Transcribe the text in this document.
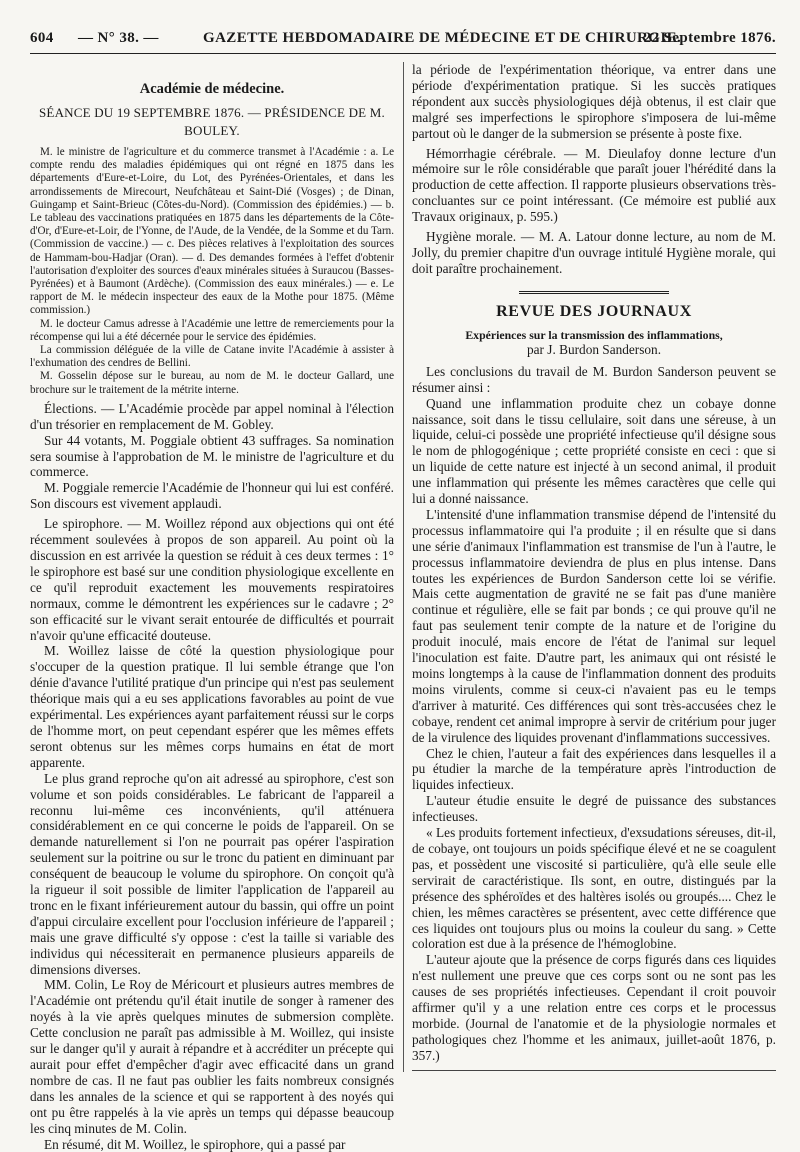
604 — N° 38. —	GAZETTE HEBDOMADAIRE DE MÉDECINE ET DE CHIRURGIE.
22 Septembre 1876.
Académie de médecine.
SÉANCE DU 19 SEPTEMBRE 1876. — PRÉSIDENCE DE M. BOULEY.

M. le ministre de l'agriculture et du commerce transmet à l'Académie : a. Le compte rendu des maladies épidémiques qui ont régné en 1875 dans les départements d'Eure-et-Loire, du Lot, des Pyrénées-Orientales, et dans les arrondissements de Mirecourt, Neufchâteau et Saint-Dié (Vosges) ; de Dinan, Guingamp et Saint-Brieuc (Côtes-du-Nord). (Commission des épidémies.) — b. Le tableau des vaccinations pratiquées en 1875 dans les départements de la Côte-d'Or, d'Eure-et-Loir, de l'Yonne, de l'Aude, de la Vendée, de la Somme et du Tarn. (Commission de vaccine.) — c. Des pièces relatives à l'exploitation des sources de Hammam-bou-Hadjar (Oran). — d. Des demandes formées à l'effet d'obtenir l'autorisation d'exploiter des sources d'eaux minérales situées à Suraucou (Basses-Pyrénées) et à Baumont (Ardèche). (Commission des eaux minérales.) — e. Le rapport de M. le médecin inspecteur des eaux de la Mothe pour 1875. (Même commission.)

M. le docteur Camus adresse à l'Académie une lettre de remerciements pour la récompense qui lui a été décernée pour le service des épidémies.

La commission déléguée de la ville de Catane invite l'Académie à assister à l'exhumation des cendres de Bellini.

M. Gosselin dépose sur le bureau, au nom de M. le docteur Gallard, une brochure sur le traitement de la métrite interne.

Élections. — L'Académie procède par appel nominal à l'élection d'un trésorier en remplacement de M. Gobley.

Sur 44 votants, M. Poggiale obtient 43 suffrages. Sa nomination sera soumise à l'approbation de M. le ministre de l'agriculture et du commerce.

M. Poggiale remercie l'Académie de l'honneur qui lui est conféré. Son discours est vivement applaudi.

Le spirophore. — M. Woillez répond aux objections qui ont été récemment soulevées à propos de son appareil. Au point où la discussion en est arrivée la question se réduit à ces deux termes : 1° le spirophore est basé sur une condition physiologique excellente en ce qu'il reproduit exactement les mouvements respiratoires normaux, comme le démontrent les expériences sur le cadavre ; 2° son efficacité sur le vivant serait entourée de difficultés et pourrait n'avoir qu'une efficacité douteuse.

M. Woillez laisse de côté la question physiologique pour s'occuper de la question pratique. Il lui semble étrange que l'on dénie d'avance l'utilité pratique d'un principe qui n'est pas seulement théorique mais qui a eu ses applications favorables au point de vue expérimental. Les expériences ayant parfaitement réussi sur le corps de l'homme mort, on peut cependant espérer que les mêmes effets seront obtenus sur les mêmes corps humains en état de mort apparente.

Le plus grand reproche qu'on ait adressé au spirophore, c'est son volume et son poids considérables. Le fabricant de l'appareil a reconnu lui-même ces inconvénients, qu'il atténuera considérablement en ce qui concerne le poids de l'appareil. On se demande naturellement si l'on ne pourrait pas opérer l'aspiration seulement sur la poitrine ou sur le tronc du patient en diminuant par conséquent de beaucoup le volume du spirophore. On conçoit qu'à la rigueur il soit possible de limiter l'application de l'appareil au tronc en le fixant inférieurement autour du bassin, qui offre un point d'appui circulaire excellent pour l'occlusion inférieure de l'appareil ; mais une grave difficulté s'y oppose : c'est la taille si variable des individus qui nécessiterait en permanence plusieurs appareils de dimensions diverses.

MM. Colin, Le Roy de Méricourt et plusieurs autres membres de l'Académie ont prétendu qu'il était inutile de songer à ramener des noyés à la vie après quelques minutes de submersion complète. Cette conclusion ne paraît pas admissible à M. Woillez, qui insiste sur le danger qu'il y aurait à répandre et à accréditer un précepte qui aurait pour effet d'empêcher d'agir avec efficacité dans un grand nombre de cas. Il ne faut pas oublier les faits nombreux consignés dans les annales de la science et qui se rapportent à des noyés qui ont pu être rappelés à la vie après un temps qui dépasse beaucoup les cinq minutes de M. Colin.

En résumé, dit M. Woillez, le spirophore, qui a passé par

la période de l'expérimentation théorique, va entrer dans une période d'expérimentation pratique. Si les succès pratiques répondent aux succès physiologiques déjà obtenus, il est clair que malgré ses imperfections le spirophore s'imposera de lui-même partout où le danger de la submersion se présente à poste fixe.

Hémorrhagie cérébrale. — M. Dieulafoy donne lecture d'un mémoire sur le rôle considérable que paraît jouer l'hérédité dans la production de cette affection. Il rapporte plusieurs observations très-concluantes sur ce point intéressant. (Ce mémoire est publié aux Travaux originaux, p. 595.)

Hygiène morale. — M. A. Latour donne lecture, au nom de M. Jolly, du premier chapitre d'un ouvrage intitulé Hygiène morale, qui doit paraître prochainement.

REVUE DES JOURNAUX
Expériences sur la transmission des inflammations,
par J. Burdon Sanderson.

Les conclusions du travail de M. Burdon Sanderson peuvent se résumer ainsi :

Quand une inflammation produite chez un cobaye donne naissance, soit dans le tissu cellulaire, soit dans une séreuse, à un liquide, celui-ci possède une propriété infectieuse qu'il désigne sous le nom de phlogogénique ; cette propriété consiste en ceci : que si un liquide de cette nature est injecté à un second animal, il produit une inflammation qui présente les mêmes caractères que celle qui lui a donné naissance.

L'intensité d'une inflammation transmise dépend de l'intensité du processus inflammatoire qui l'a produite ; il en résulte que si dans une série d'animaux l'inflammation est transmise de l'un à l'autre, le processus inflammatoire deviendra de plus en plus intense. Dans toutes les expériences de Burdon Sanderson cette loi se vérifie. Mais cette augmentation de gravité ne se fait pas d'une manière continue et régulière, elle se fait par bonds ; ce qui prouve qu'il ne faut pas seulement tenir compte de la nature et de l'origine du produit inoculé, mais encore de l'état de l'animal sur lequel l'inoculation est faite. D'autre part, les animaux qui ont résisté le moins longtemps à la cause de l'inflammation donnent des produits moins virulents, comme si ceux-ci n'avaient pas eu le temps d'arriver à maturité. Ces différences qui sont très-accusées chez le cobaye, rendent cet animal impropre à servir de critérium pour juger de la virulence des liquides provenant d'inflammations successives.

Chez le chien, l'auteur a fait des expériences dans lesquelles il a pu étudier la marche de la température après l'introduction de liquides infectieux.

L'auteur étudie ensuite le degré de puissance des substances infectieuses.

« Les produits fortement infectieux, d'exsudations séreuses, dit-il, de cobaye, ont toujours un poids spécifique élevé et ne se coagulent pas, et possèdent une viscosité si particulière, qu'à elle seule elle servirait de caractéristique. Ils sont, en outre, distingués par la présence des sphéroïdes et des haltères isolés ou groupés.... Chez le chien, les mêmes caractères se présentent, avec cette différence que ces liquides ont toujours plus ou moins la couleur du sang. » Cette coloration est due à la présence de l'hémoglobine.

L'auteur ajoute que la présence de corps figurés dans ces liquides n'est nullement une preuve que ces corps sont ou ne sont pas les causes de ses propriétés infectieuses. Cependant il croit pouvoir affirmer qu'il y a une relation entre ces corps et le processus morbide. (Journal de l'anatomie et de la physiologie normales et pathologiques chez l'homme et les animaux, juillet-août 1876, p. 357.)
